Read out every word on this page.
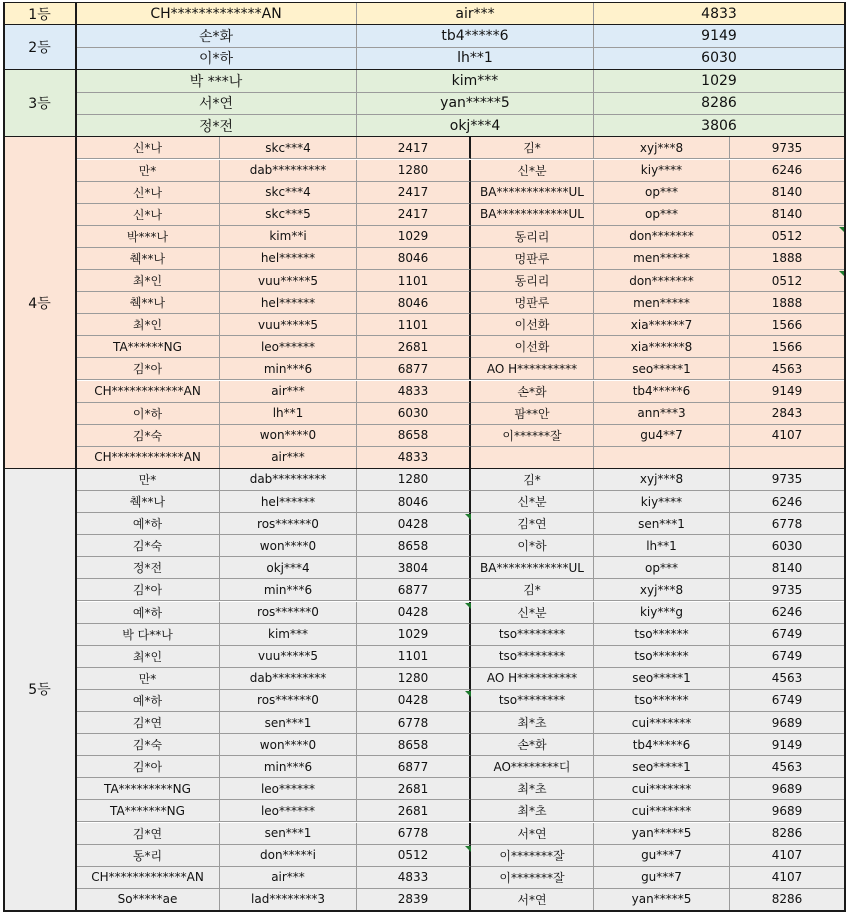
1등	CH*************AN	air***	4833
2등
손*화	tb4*****6	9149
이*하	lh**1	6030
3등
박 ***나	kim***	1029
서*연	yan*****5	8286
정*전	okj***4	3806
4등
신*나	skc***4	2417	김*	xyj***8	9735
만*	dab*********	1280	신*분	kiy****	6246
신*나	skc***4	2417	BA************UL	op***	8140
신*나	skc***5	2417	BA************UL	op***	8140
박***나	kim**i	1029	동리리	don*******	0512
췍**나	hel******	8046	멍판루	men*****	1888
최*인	vuu*****5	1101	동리리	don*******	0512
췍**나	hel******	8046	멍판루	men*****	1888
최*인	vuu*****5	1101	이선화	xia******7	1566
TA******NG	leo******	2681	이선화	xia******8	1566
김*아	min***6	6877	AO H**********	seo*****1	4563
CH************AN	air***	4833	손*화	tb4*****6	9149
이*하	lh**1	6030	팜**안	ann***3	2843
김*숙	won****0	8658	이******잘	gu4**7	4107
CH************AN	air***	4833
5등
만*	dab*********	1280	김*	xyj***8	9735
췍**나	hel******	8046	신*분	kiy****	6246
예*하	ros******0	0428	김*연	sen***1	6778
김*숙	won****0	8658	이*하	lh**1	6030
정*전	okj***4	3804	BA************UL	op***	8140
김*아	min***6	6877	김*	xyj***8	9735
예*하	ros******0	0428	신*분	kiy***g	6246
박 다**나	kim***	1029	tso********	tso******	6749
최*인	vuu*****5	1101	tso********	tso******	6749
만*	dab*********	1280	AO H**********	seo*****1	4563
예*하	ros******0	0428	tso********	tso******	6749
김*연	sen***1	6778	최*초	cui*******	9689
김*숙	won****0	8658	손*화	tb4*****6	9149
김*아	min***6	6877	AO********디	seo*****1	4563
TA*********NG	leo******	2681	최*초	cui*******	9689
TA*******NG	leo******	2681	최*초	cui*******	9689
김*연	sen***1	6778	서*연	yan*****5	8286
동*리	don*****i	0512	이*******잘	gu***7	4107
CH*************AN	air***	4833	이*******잘	gu***7	4107
So*****ae	lad********3	2839	서*연	yan*****5	8286
